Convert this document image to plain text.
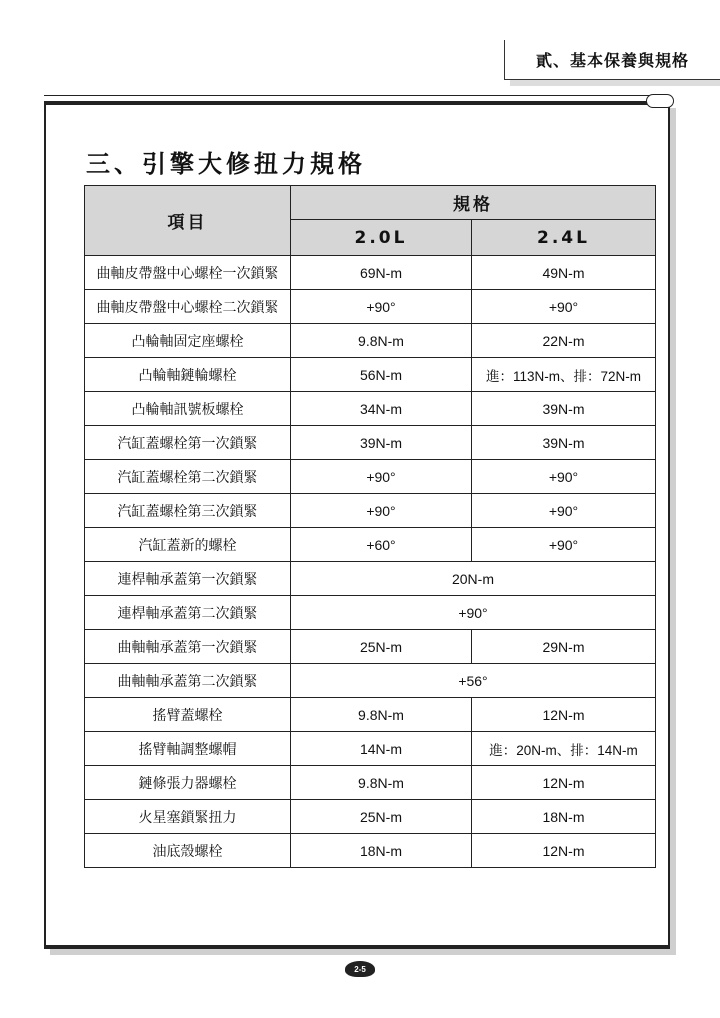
貳、基本保養與規格
三、引擎大修扭力規格
項目	規格	
	2.0L	2.4L
曲軸皮帶盤中心螺栓一次鎖緊	69N-m	49N-m
曲軸皮帶盤中心螺栓二次鎖緊	+90°	+90°
凸輪軸固定座螺栓	9.8N-m	22N-m
凸輪軸鏈輪螺栓	56N-m	進：113N-m、排：72N-m
凸輪軸訊號板螺栓	34N-m	39N-m
汽缸蓋螺栓第一次鎖緊	39N-m	39N-m
汽缸蓋螺栓第二次鎖緊	+90°	+90°
汽缸蓋螺栓第三次鎖緊	+90°	+90°
汽缸蓋新的螺栓	+60°	+90°
連桿軸承蓋第一次鎖緊	20N-m	
連桿軸承蓋第二次鎖緊	+90°	
曲軸軸承蓋第一次鎖緊	25N-m	29N-m
曲軸軸承蓋第二次鎖緊	+56°	
搖臂蓋螺栓	9.8N-m	12N-m
搖臂軸調整螺帽	14N-m	進：20N-m、排：14N-m
鏈條張力器螺栓	9.8N-m	12N-m
火星塞鎖緊扭力	25N-m	18N-m
油底殼螺栓	18N-m	12N-m
2-5
